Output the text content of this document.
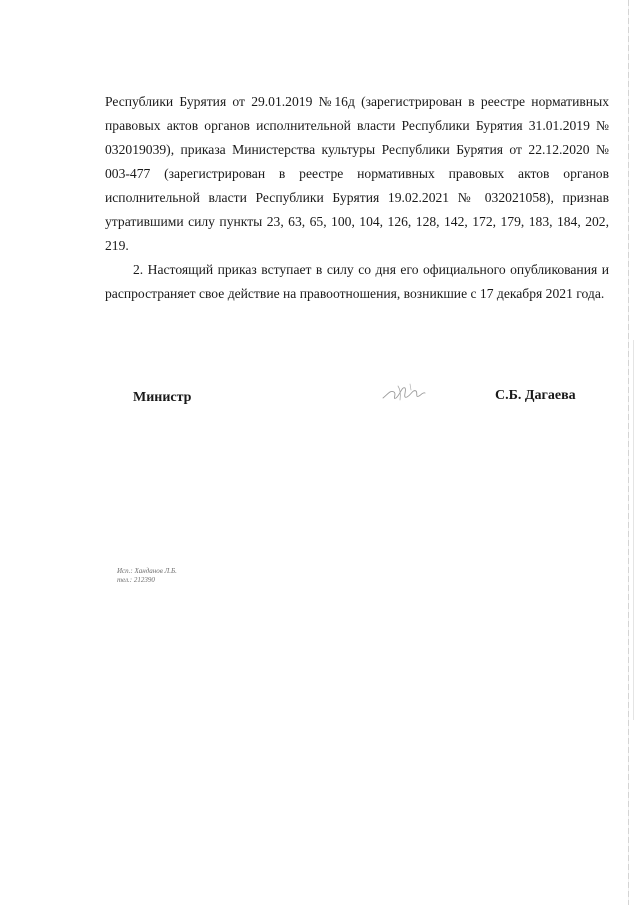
Республики Бурятия от 29.01.2019 №16д (зарегистрирован в реестре нормативных правовых актов органов исполнительной власти Республики Бурятия 31.01.2019 № 032019039), приказа Министерства культуры Республики Бурятия от 22.12.2020 № 003-477 (зарегистрирован в реестре нормативных правовых актов органов исполнительной власти Республики Бурятия 19.02.2021 № 032021058), признав утратившими силу пункты 23, 63, 65, 100, 104, 126, 128, 142, 172, 179, 183, 184, 202, 219.

2. Настоящий приказ вступает в силу со дня его официального опубликования и распространяет свое действие на правоотношения, возникшие с 17 декабря 2021 года.

Министр	С.Б. Дагаева
Исп.: Ханданов Л.Б.
тел.: 212390
